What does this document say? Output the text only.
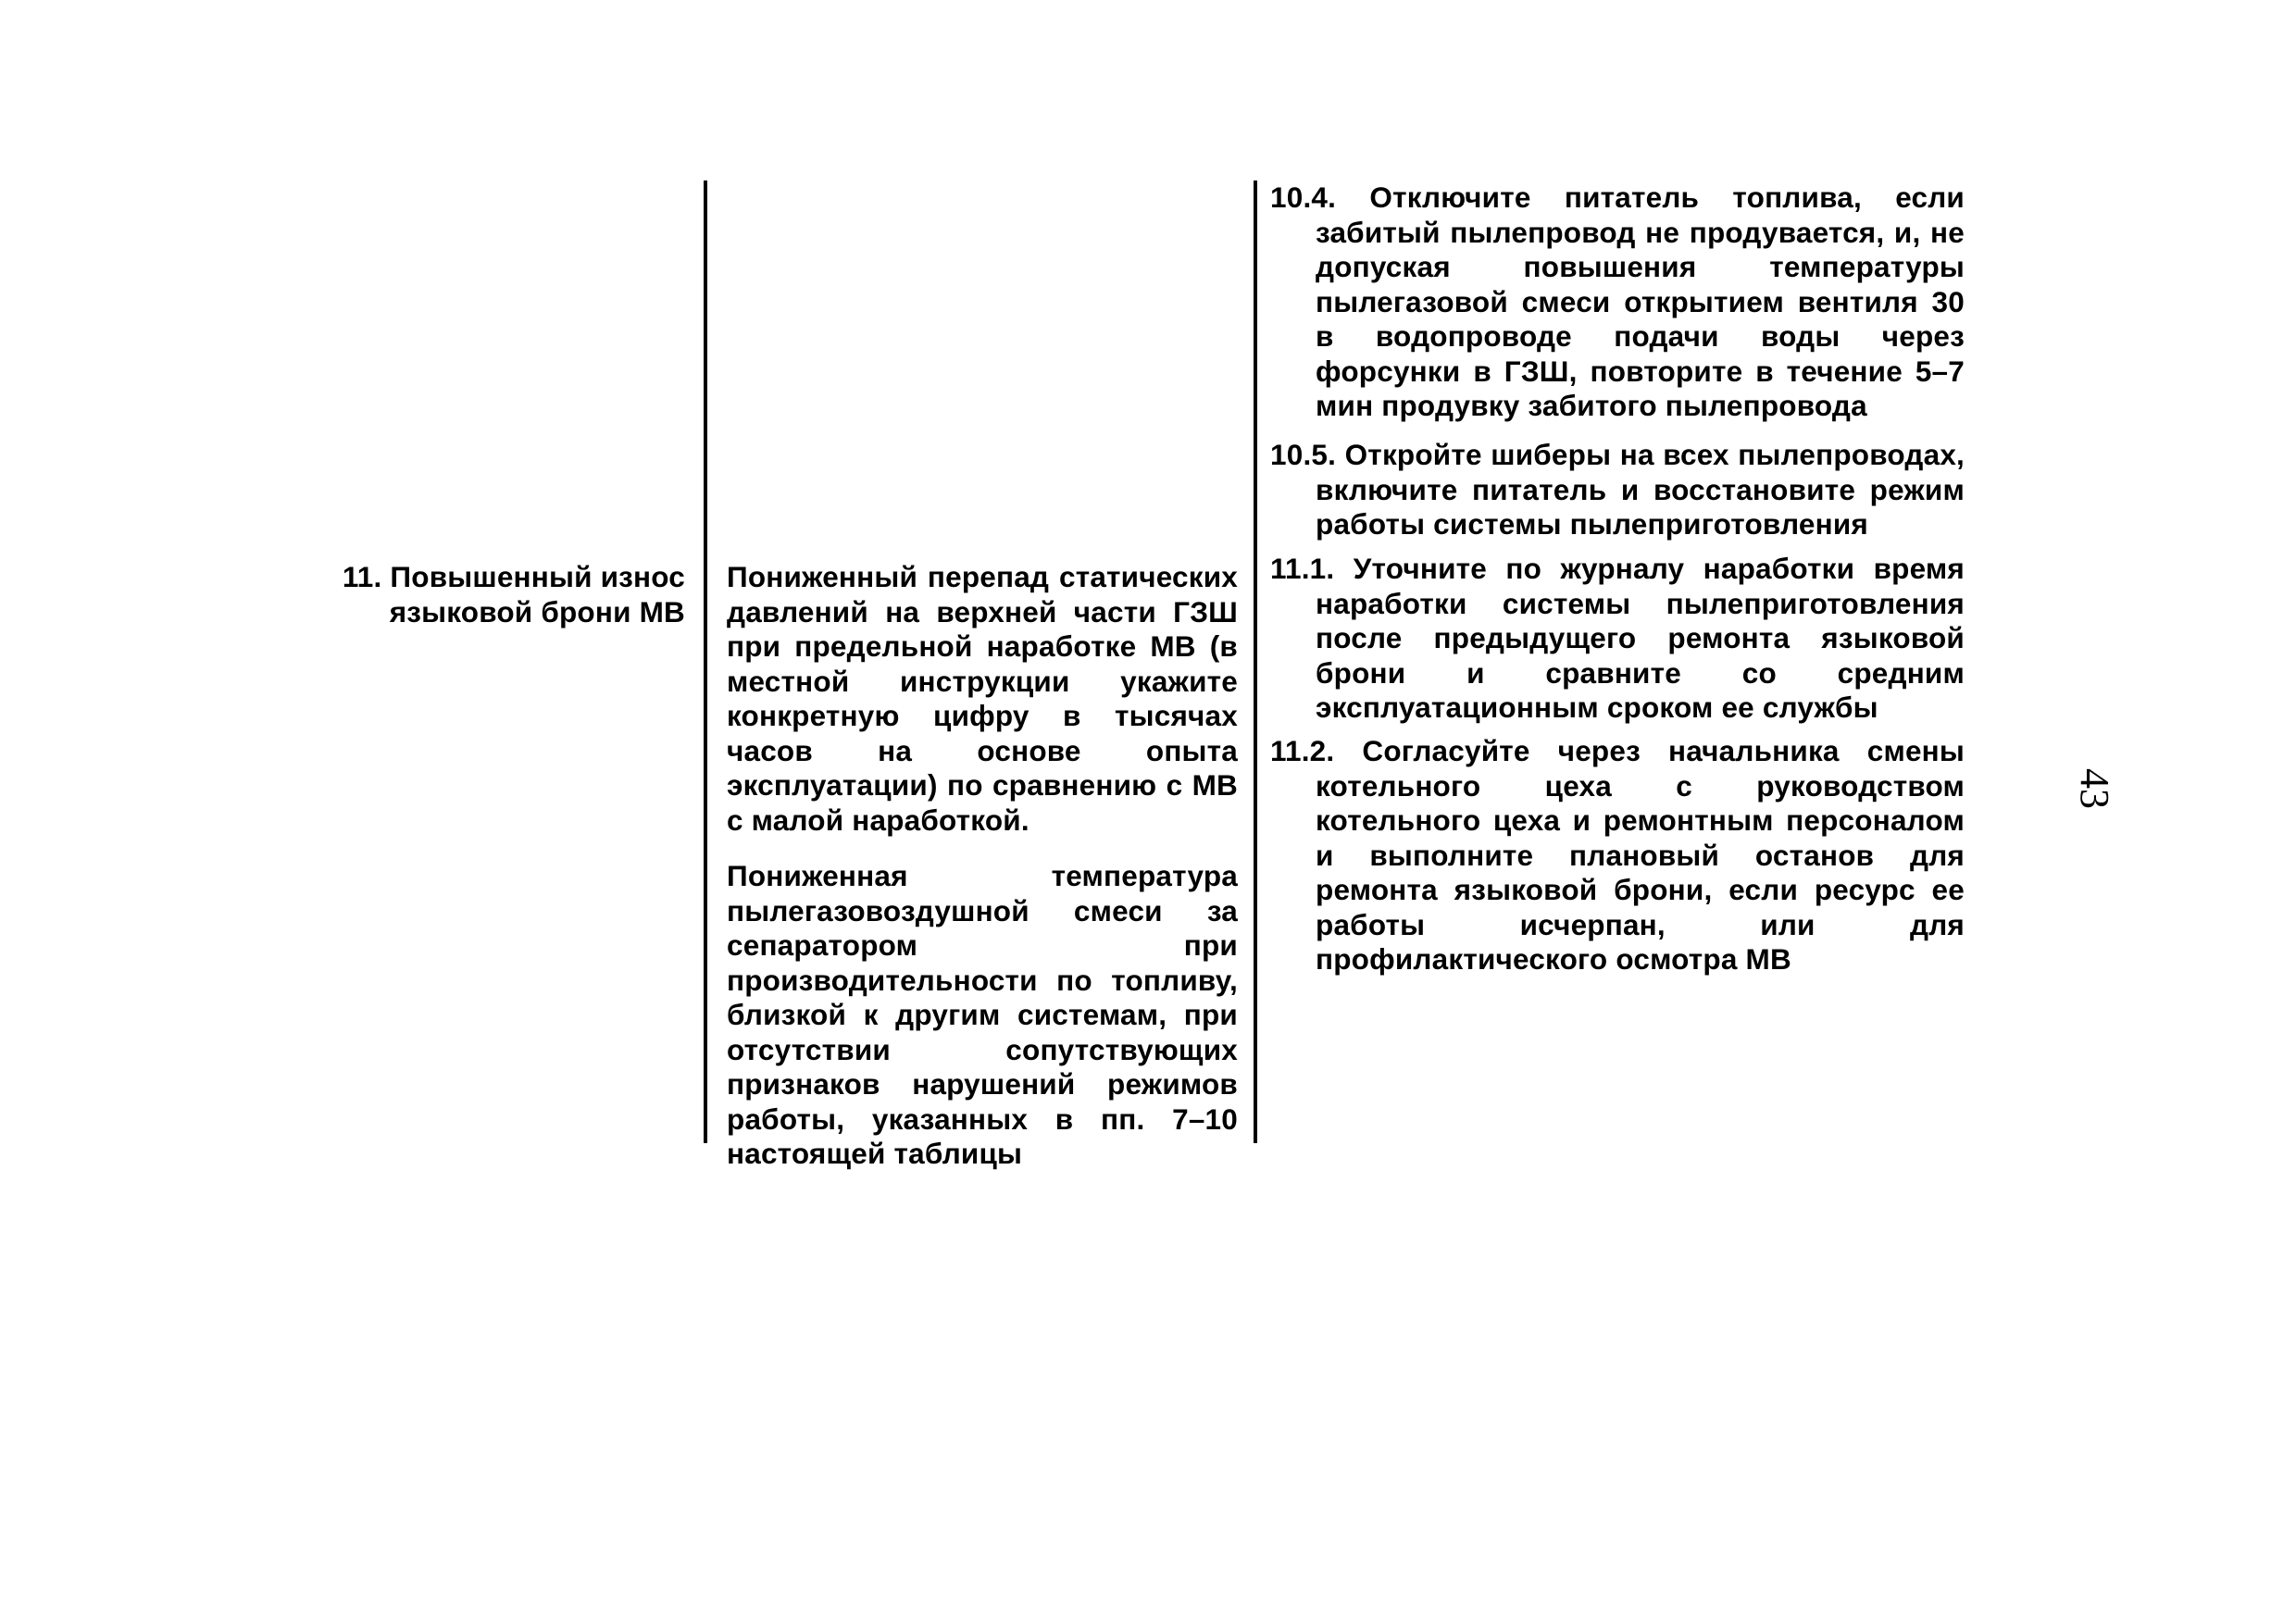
11. Повышенный износ языковой брони МВ

Пониженный перепад статических давлений на верхней части ГЗШ при предельной наработке МВ (в местной инструкции укажите конкретную цифру в тысячах часов на основе опыта эксплуатации) по сравнению с МВ с малой наработкой.

Пониженная температура пылегазовоздушной смеси за сепаратором при производительности по топливу, близкой к другим системам, при отсутствии сопутствующих признаков нарушений режимов работы, указанных в пп. 7–10 настоящей таблицы

10.4. Отключите питатель топлива, если забитый пылепровод не продувается, и, не допуская повышения температуры пылегазовой смеси открытием вентиля 30 в водопроводе подачи воды через форсунки в ГЗШ, повторите в течение 5–7 мин продувку забитого пылепровода
10.5. Откройте шиберы на всех пылепроводах, включите питатель и восстановите режим работы системы пылеприготовления
11.1. Уточните по журналу наработки время наработки системы пылеприготовления после предыдущего ремонта языковой брони и сравните со средним эксплуатационным сроком ее службы
11.2. Согласуйте через начальника смены котельного цеха с руководством котельного цеха и ремонтным персоналом и выполните плановый останов для ремонта языковой брони, если ресурс ее работы исчерпан, или для профилактического осмотра МВ
43
